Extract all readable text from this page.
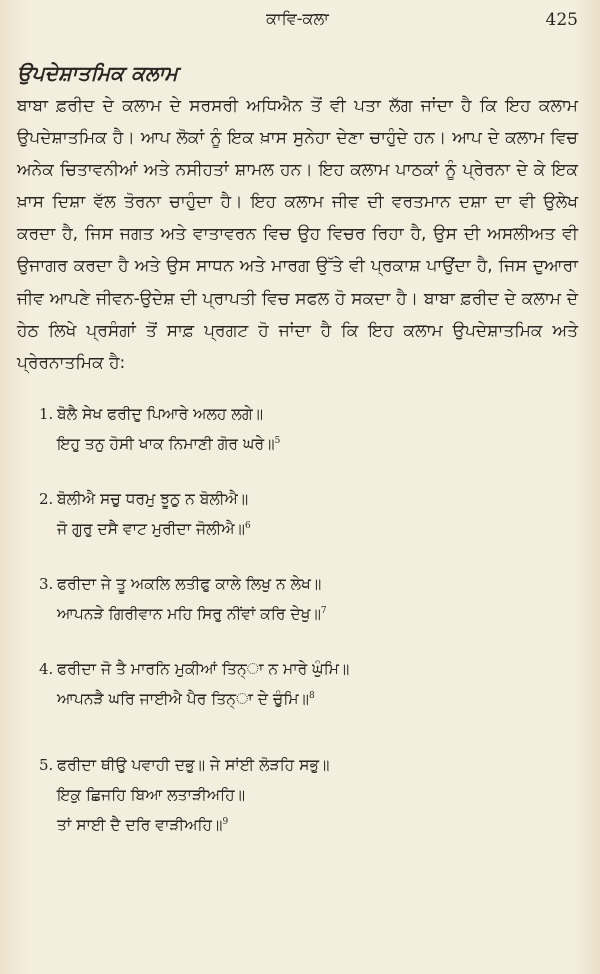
ਕਾਵਿ-ਕਲਾ	425
ਉਪਦੇਸ਼ਾਤਮਿਕ ਕਲਾਮ

ਬਾਬਾ ਫ਼ਰੀਦ ਦੇ ਕਲਾਮ ਦੇ ਸਰਸਰੀ ਅਧਿਐਨ ਤੋਂ ਵੀ ਪਤਾ ਲੱਗ ਜਾਂਦਾ ਹੈ ਕਿ ਇਹ ਕਲਾਮ ਉਪਦੇਸ਼ਾਤਮਿਕ ਹੈ। ਆਪ ਲੋਕਾਂ ਨੂੰ ਇਕ ਖ਼ਾਸ ਸੁਨੇਹਾ ਦੇਣਾ ਚਾਹੁੰਦੇ ਹਨ। ਆਪ ਦੇ ਕਲਾਮ ਵਿਚ ਅਨੇਕ ਚਿਤਾਵਨੀਆਂ ਅਤੇ ਨਸੀਹਤਾਂ ਸ਼ਾਮਲ ਹਨ। ਇਹ ਕਲਾਮ ਪਾਠਕਾਂ ਨੂੰ ਪ੍ਰੇਰਨਾ ਦੇ ਕੇ ਇਕ ਖ਼ਾਸ ਦਿਸ਼ਾ ਵੱਲ ਤੋਰਨਾ ਚਾਹੁੰਦਾ ਹੈ। ਇਹ ਕਲਾਮ ਜੀਵ ਦੀ ਵਰਤਮਾਨ ਦਸ਼ਾ ਦਾ ਵੀ ਉਲੇਖ ਕਰਦਾ ਹੈ, ਜਿਸ ਜਗਤ ਅਤੇ ਵਾਤਾਵਰਨ ਵਿਚ ਉਹ ਵਿਚਰ ਰਿਹਾ ਹੈ, ਉਸ ਦੀ ਅਸਲੀਅਤ ਵੀ ਉਜਾਗਰ ਕਰਦਾ ਹੈ ਅਤੇ ਉਸ ਸਾਧਨ ਅਤੇ ਮਾਰਗ ਉੱਤੇ ਵੀ ਪ੍ਰਕਾਸ਼ ਪਾਉਂਦਾ ਹੈ, ਜਿਸ ਦੁਆਰਾ ਜੀਵ ਆਪਣੇ ਜੀਵਨ-ਉਦੇਸ਼ ਦੀ ਪ੍ਰਾਪਤੀ ਵਿਚ ਸਫਲ ਹੋ ਸਕਦਾ ਹੈ। ਬਾਬਾ ਫ਼ਰੀਦ ਦੇ ਕਲਾਮ ਦੇ ਹੇਠ ਲਿਖੇ ਪ੍ਰਸੰਗਾਂ ਤੋਂ ਸਾਫ਼ ਪ੍ਰਗਟ ਹੋ ਜਾਂਦਾ ਹੈ ਕਿ ਇਹ ਕਲਾਮ ਉਪਦੇਸ਼ਾਤਮਿਕ ਅਤੇ ਪ੍ਰੇਰਨਾਤਮਿਕ ਹੈ:

1. ਬੋਲੈ ਸੇਖ ਫਰੀਦੁ ਪਿਆਰੇ ਅਲਹ ਲਗੇ॥
ਇਹੁ ਤਨੁ ਹੋਸੀ ਖਾਕ ਨਿਮਾਣੀ ਗੋਰ ਘਰੇ॥$^5$
2. ਬੋਲੀਐ ਸਚੁ ਧਰਮੁ ਝੂਠੁ ਨ ਬੋਲੀਐ॥
ਜੋ ਗੁਰੁ ਦਸੈ ਵਾਟ ਮੁਰੀਦਾ ਜੋਲੀਐ॥$^6$
3. ਫਰੀਦਾ ਜੇ ਤੂ ਅਕਲਿ ਲਤੀਫੁ ਕਾਲੇ ਲਿਖੁ ਨ ਲੇਖ॥
ਆਪਨੜੇ ਗਿਰੀਵਾਨ ਮਹਿ ਸਿਰੁ ਨੀਂਵਾਂ ਕਰਿ ਦੇਖੁ॥$^7$
4. ਫਰੀਦਾ ਜੋ ਤੈ ਮਾਰਨਿ ਮੁਕੀਆਂ ਤਿਨ੍ਾ ਨ ਮਾਰੇ ਘੁੰਮਿ॥
ਆਪਨੜੈ ਘਰਿ ਜਾਈਐ ਪੈਰ ਤਿਨ੍ਾ ਦੇ ਚੁੰਮਿ॥$^8$
5. ਫਰੀਦਾ ਥੀਉ ਪਵਾਹੀ ਦਭੁ॥ ਜੇ ਸਾਂਈ ਲੋੜਹਿ ਸਭੁ॥
ਇਕੁ ਛਿਜਹਿ ਬਿਆ ਲਤਾੜੀਅਹਿ॥
ਤਾਂ ਸਾਈ ਦੈ ਦਰਿ ਵਾੜੀਅਹਿ॥$^9$
